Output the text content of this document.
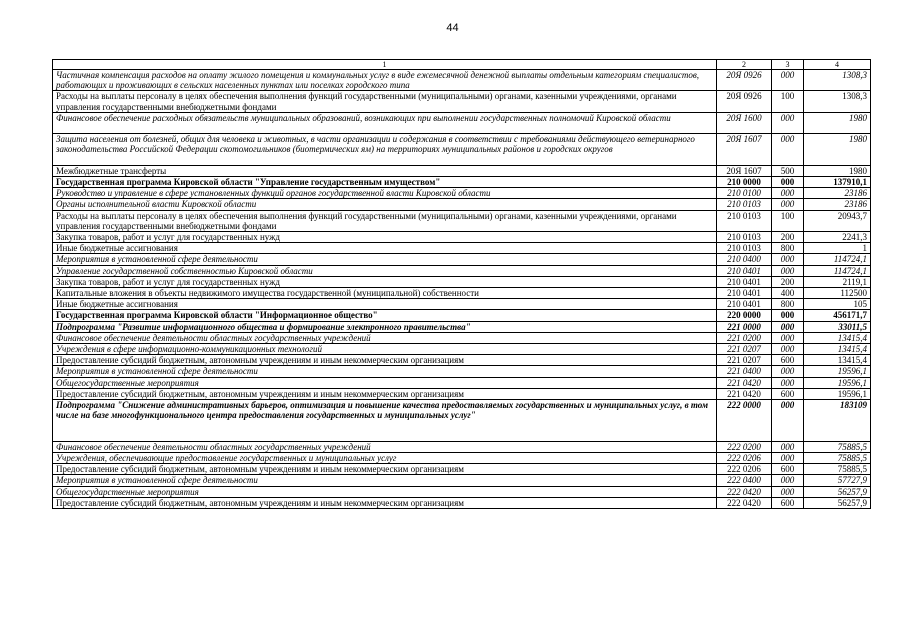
44
1	2	3	4
Частичная компенсация расходов на оплату жилого помещения и коммунальных услуг в виде ежемесячной денежной выплаты отдельным категориям специалистов, работающих и проживающих в сельских населенных пунктах или поселках городского типа	20Я 0926	000	1308,3
Расходы на выплаты персоналу в целях обеспечения выполнения функций государственными (муниципальными) органами, казенными учреждениями, органами управления государственными внебюджетными фондами	20Я 0926	100	1308,3
Финансовое обеспечение расходных обязательств муниципальных образований, возникающих при выполнении государственных полномочий Кировской области	20Я 1600	000	1980
Защита населения от болезней, общих для человека и животных, в части организации и содержания в соответствии с требованиями действующего ветеринарного законодательства Российской Федерации скотомогильников (биотермических ям) на территориях муниципальных районов и городских округов	20Я 1607	000	1980
Межбюджетные трансферты	20Я 1607	500	1980
Государственная программа Кировской области "Управление государственным имуществом"	210 0000	000	137910,1
Руководство и управление в сфере установленных функций органов государственной власти Кировской области	210 0100	000	23186
Органы исполнительной власти Кировской области	210 0103	000	23186
Расходы на выплаты персоналу в целях обеспечения выполнения функций государственными (муниципальными) органами, казенными учреждениями, органами управления государственными внебюджетными фондами	210 0103	100	20943,7
Закупка товаров, работ и услуг для государственных нужд	210 0103	200	2241,3
Иные бюджетные ассигнования	210 0103	800	1
Мероприятия в установленной сфере деятельности	210 0400	000	114724,1
Управление государственной собственностью Кировской области	210 0401	000	114724,1
Закупка товаров, работ и услуг для государственных нужд	210 0401	200	2119,1
Капитальные вложения в объекты недвижимого имущества государственной (муниципальной) собственности	210 0401	400	112500
Иные бюджетные ассигнования	210 0401	800	105
Государственная программа Кировской области "Информационное общество"	220 0000	000	456171,7
Подпрограмма "Развитие информационного общества и формирование электронного правительства"	221 0000	000	33011,5
Финансовое обеспечение деятельности областных государственных учреждений	221 0200	000	13415,4
Учреждения в сфере информационно-коммуникационных технологий	221 0207	000	13415,4
Предоставление субсидий бюджетным, автономным учреждениям и иным некоммерческим организациям	221 0207	600	13415,4
Мероприятия в установленной сфере деятельности	221 0400	000	19596,1
Общегосударственные мероприятия	221 0420	000	19596,1
Предоставление субсидий бюджетным, автономным учреждениям и иным некоммерческим организациям	221 0420	600	19596,1
Подпрограмма "Снижение административных барьеров, оптимизация и повышение качества предоставляемых государственных и муниципальных услуг, в том числе на базе многофункционального центра предоставления государственных и муниципальных услуг"	222 0000	000	183109
Финансовое обеспечение деятельности областных государственных учреждений	222 0200	000	75885,5
Учреждения, обеспечивающие предоставление государственных и муниципальных услуг	222 0206	000	75885,5
Предоставление субсидий бюджетным, автономным учреждениям и иным некоммерческим организациям	222 0206	600	75885,5
Мероприятия в установленной сфере деятельности	222 0400	000	57727,9
Общегосударственные мероприятия	222 0420	000	56257,9
Предоставление субсидий бюджетным, автономным учреждениям и иным некоммерческим организациям	222 0420	600	56257,9
